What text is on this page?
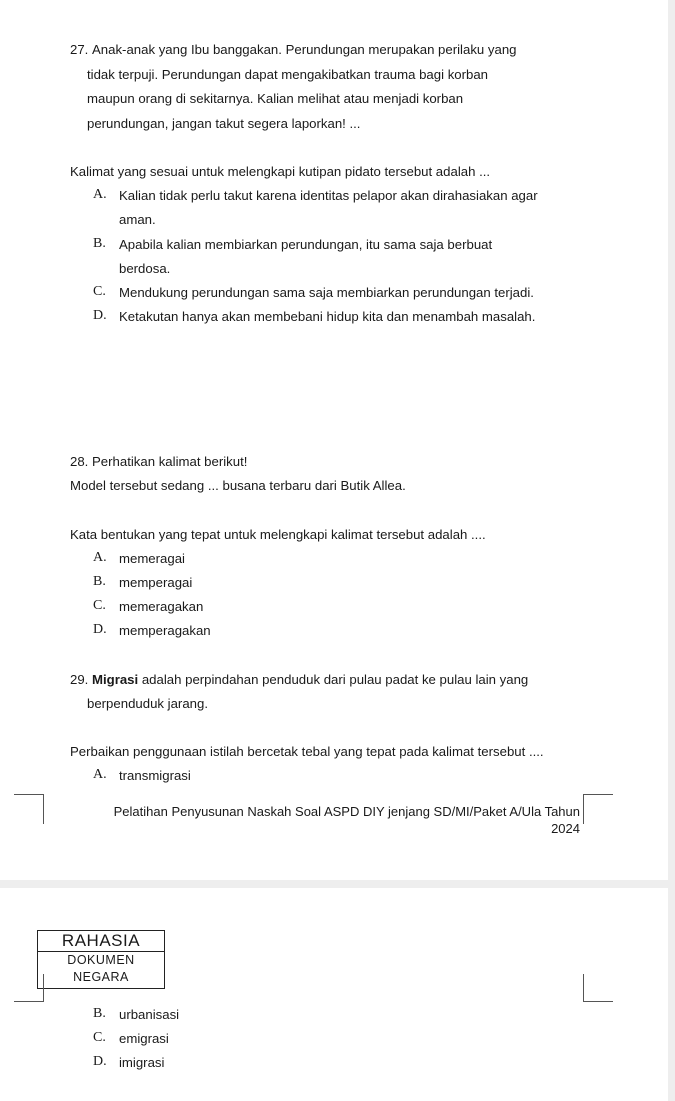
27. Anak-anak yang Ibu banggakan. Perundungan merupakan perilaku yang
tidak terpuji. Perundungan dapat mengakibatkan trauma bagi korban
maupun orang di sekitarnya. Kalian melihat atau menjadi korban
perundungan, jangan takut segera laporkan! ...
Kalimat yang sesuai untuk melengkapi kutipan pidato tersebut adalah ...
A. Kalian tidak perlu takut karena identitas pelapor akan dirahasiakan agar
aman.
B. Apabila kalian membiarkan perundungan, itu sama saja berbuat
berdosa.
C. Mendukung perundungan sama saja membiarkan perundungan terjadi.
D. Ketakutan hanya akan membebani hidup kita dan menambah masalah.
28. Perhatikan kalimat berikut!
Model tersebut sedang ... busana terbaru dari Butik Allea.
Kata bentukan yang tepat untuk melengkapi kalimat tersebut adalah ....
A. memeragai
B. memperagai
C. memeragakan
D. memperagakan
29. Migrasi adalah perpindahan penduduk dari pulau padat ke pulau lain yang
berpenduduk jarang.
Perbaikan penggunaan istilah bercetak tebal yang tepat pada kalimat tersebut ....
A. transmigrasi
Pelatihan Penyusunan Naskah Soal ASPD DIY jenjang SD/MI/Paket A/Ula Tahun
2024
RAHASIA
DOKUMEN
NEGARA
B. urbanisasi
C. emigrasi
D. imigrasi
